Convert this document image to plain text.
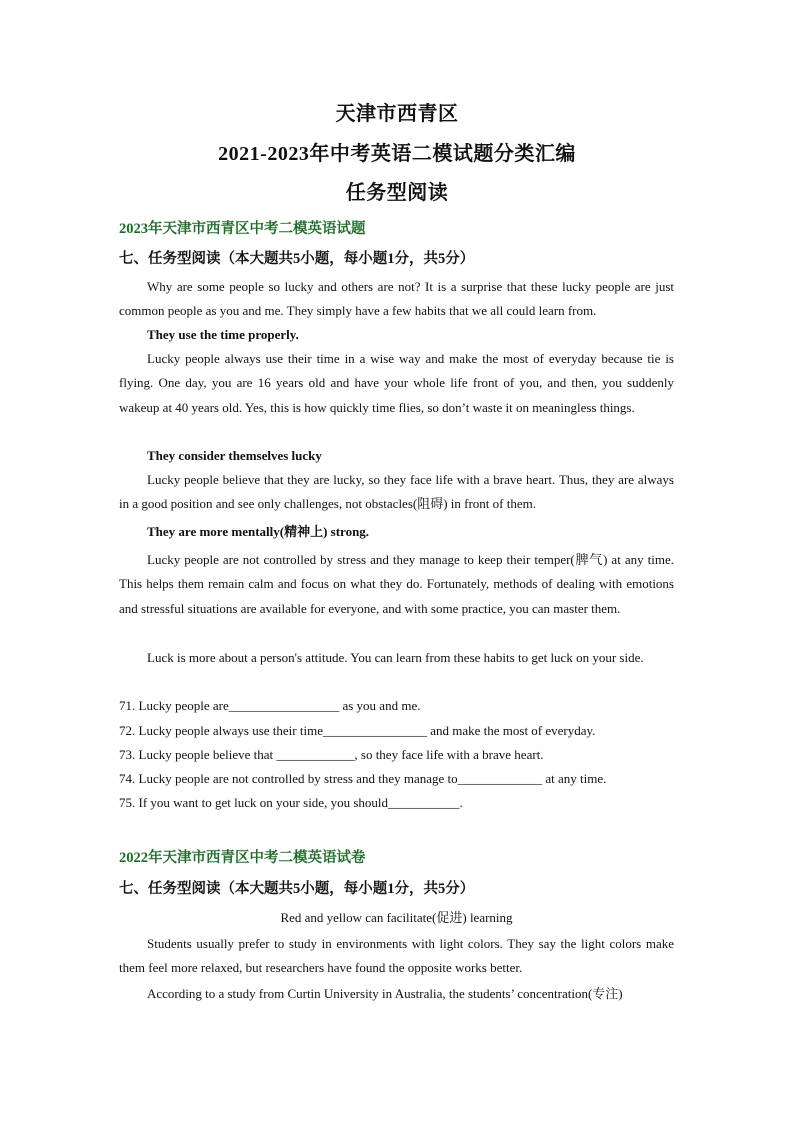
天津市西青区
2021-2023年中考英语二模试题分类汇编
任务型阅读
2023年天津市西青区中考二模英语试题
七、任务型阅读（本大题共5小题，每小题1分，共5分）
Why are some people so lucky and others are not? It is a surprise that these lucky people are just common people as you and me. They simply have a few habits that we all could learn from.
They use the time properly.
Lucky people always use their time in a wise way and make the most of everyday because tie is flying. One day, you are 16 years old and have your whole life front of you, and then, you suddenly wakeup at 40 years old. Yes, this is how quickly time flies, so don’t waste it on meaningless things.
They consider themselves lucky
Lucky people believe that they are lucky, so they face life with a brave heart. Thus, they are always in a good position and see only challenges, not obstacles(阻碍) in front of them.
They are more mentally(精神上) strong.
Lucky people are not controlled by stress and they manage to keep their temper(脾气) at any time. This helps them remain calm and focus on what they do. Fortunately, methods of dealing with emotions and stressful situations are available for everyone, and with some practice, you can master them.
Luck is more about a person's attitude. You can learn from these habits to get luck on your side.
71. Lucky people are_________________ as you and me.
72. Lucky people always use their time________________ and make the most of everyday.
73. Lucky people believe that ____________, so they face life with a brave heart.
74. Lucky people are not controlled by stress and they manage to_____________ at any time.
75. If you want to get luck on your side, you should___________.
2022年天津市西青区中考二模英语试卷
七、任务型阅读（本大题共5小题，每小题1分，共5分）
Red and yellow can facilitate(促进) learning
Students usually prefer to study in environments with light colors. They say the light colors make them feel more relaxed, but researchers have found the opposite works better.
According to a study from Curtin University in Australia, the students’ concentration(专注)
